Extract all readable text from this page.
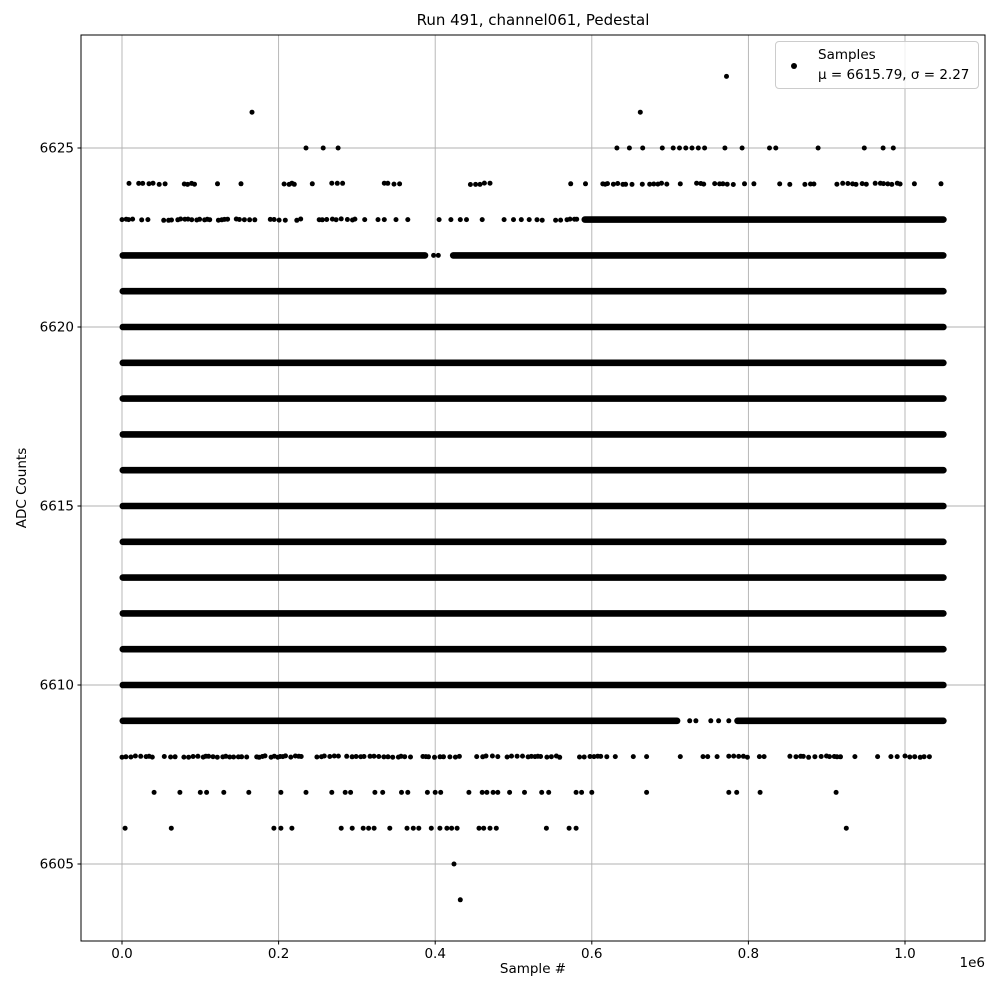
0.0	0.2	0.4	0.6	0.8	1.0
6605
6610
6615
6620
6625
Run 491, channel061, Pedestal
ADC Counts
Sample #	1e6
Samples
μ = 6615.79, σ = 2.27
